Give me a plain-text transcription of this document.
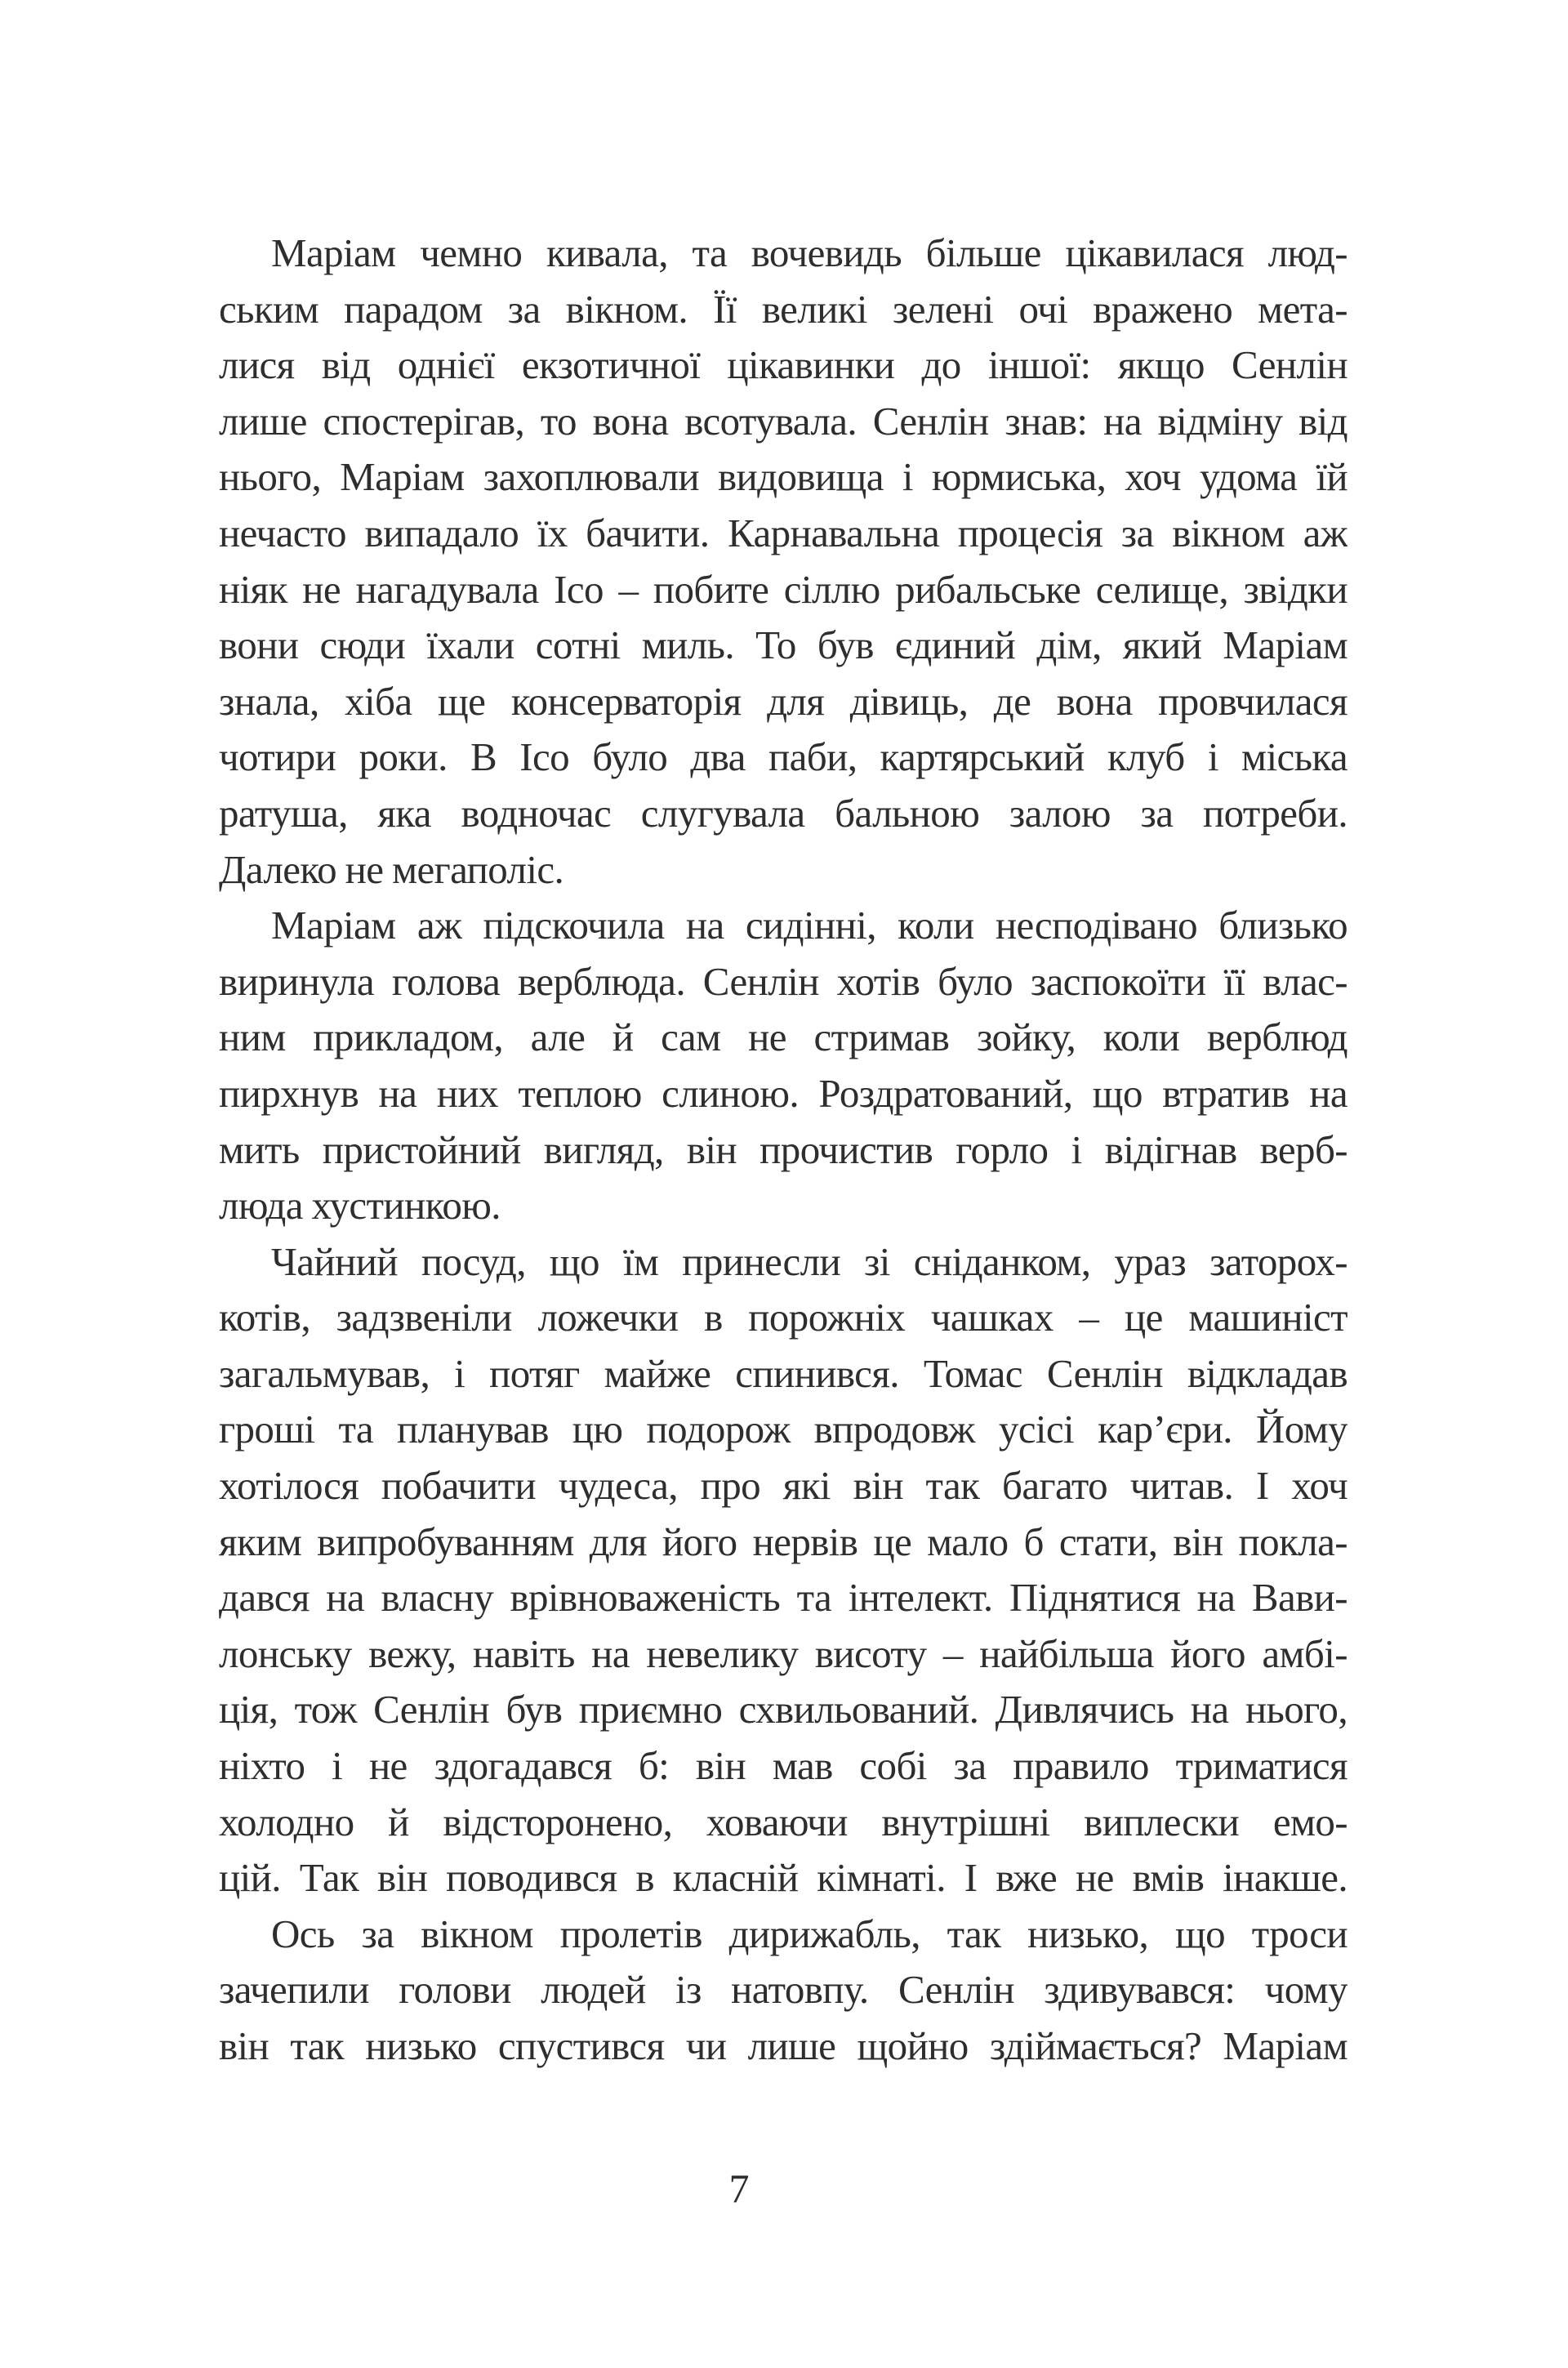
Маріам чемно кивала, та вочевидь більше цікавилася люд-
ським парадом за вікном. Її великі зелені очі вражено мета-
лися від однієї екзотичної цікавинки до іншої: якщо Сенлін
лише спостерігав, то вона всотувала. Сенлін знав: на відміну від
нього, Маріам захоплювали видовища і юрмиська, хоч удома їй
нечасто випадало їх бачити. Карнавальна процесія за вікном аж
ніяк не нагадувала Ісо – побите сіллю рибальське селище, звідки
вони сюди їхали сотні миль. То був єдиний дім, який Маріам
знала, хіба ще консерваторія для дівиць, де вона провчилася
чотири роки. В Ісо було два паби, картярський клуб і міська
ратуша, яка водночас слугувала бальною залою за потреби.
Далеко не мегаполіс.
Маріам аж підскочила на сидінні, коли несподівано близько
виринула голова верблюда. Сенлін хотів було заспокоїти її влас-
ним прикладом, але й сам не стримав зойку, коли верблюд
пирхнув на них теплою слиною. Роздратований, що втратив на
мить пристойний вигляд, він прочистив горло і відігнав верб-
люда хустинкою.
Чайний посуд, що їм принесли зі сніданком, ураз заторох-
котів, задзвеніли ложечки в порожніх чашках – це машиніст
загальмував, і потяг майже спинився. Томас Сенлін відкладав
гроші та планував цю подорож впродовж усісі кар’єри. Йому
хотілося побачити чудеса, про які він так багато читав. І хоч
яким випробуванням для його нервів це мало б стати, він покла-
дався на власну врівноваженість та інтелект. Піднятися на Вави-
лонську вежу, навіть на невелику висоту – найбільша його амбі-
ція, тож Сенлін був приємно схвильований. Дивлячись на нього,
ніхто і не здогадався б: він мав собі за правило триматися
холодно й відсторонено, ховаючи внутрішні виплески емо-
цій. Так він поводився в класній кімнаті. І вже не вмів інакше.
Ось за вікном пролетів дирижабль, так низько, що троси
зачепили голови людей із натовпу. Сенлін здивувався: чому
він так низько спустився чи лише щойно здіймається? Маріам
7
